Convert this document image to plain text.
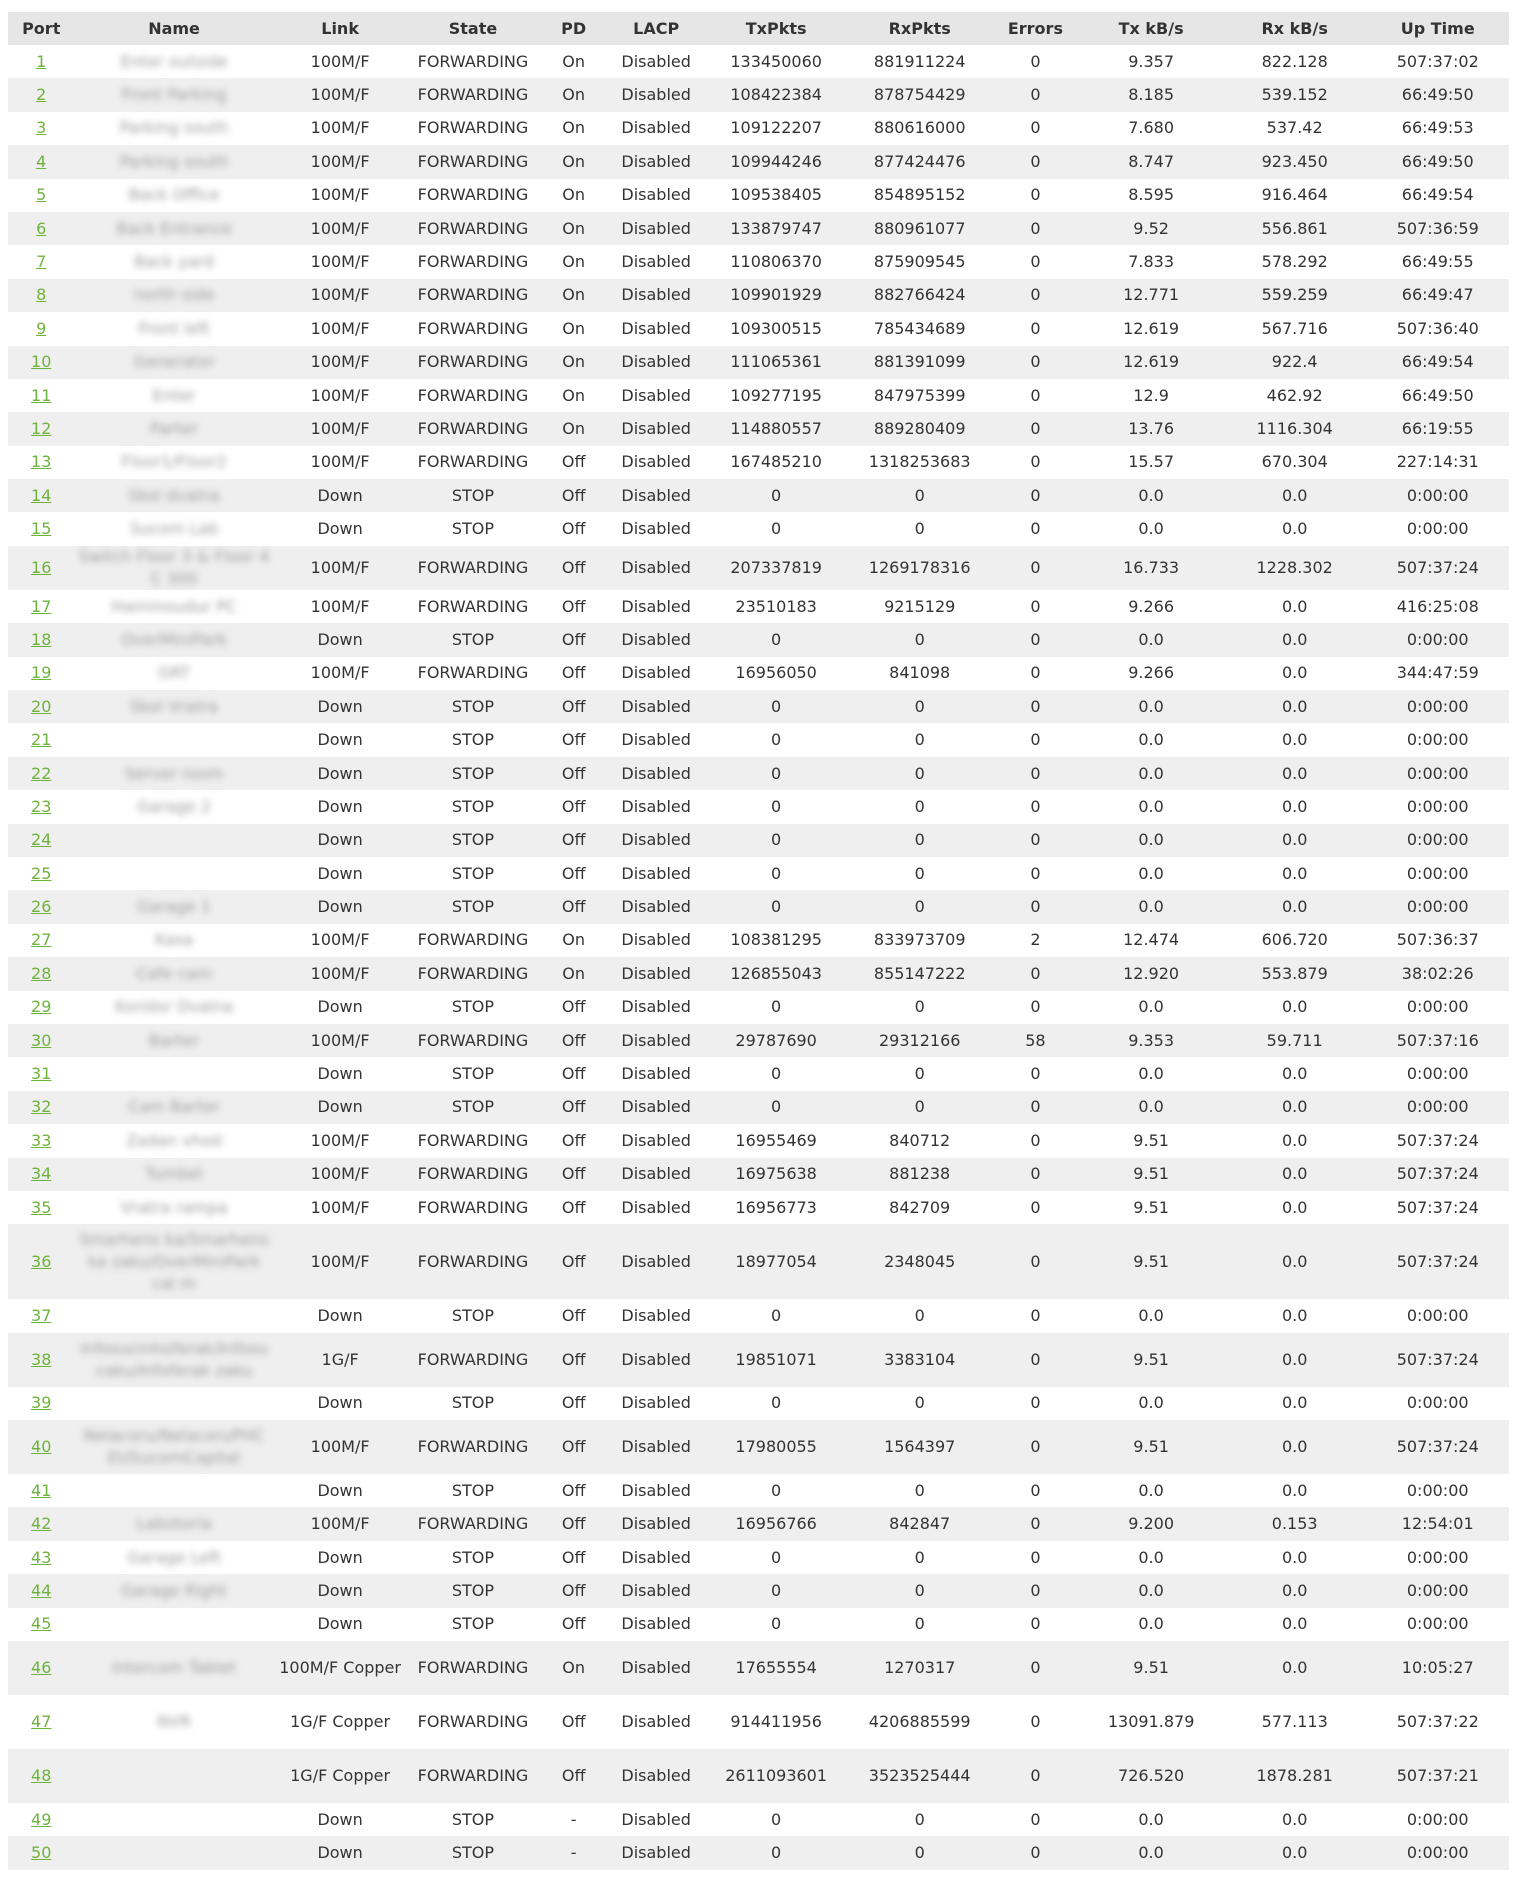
Port	Name	Link	State	PD	LACP	TxPkts	RxPkts	Errors	Tx kB/s	Rx kB/s	Up Time
1	Enter outside	100M/F	FORWARDING	On	Disabled	133450060	881911224	0	9.357	822.128	507:37:02
2	Front Parking	100M/F	FORWARDING	On	Disabled	108422384	878754429	0	8.185	539.152	66:49:50
3	Parking south	100M/F	FORWARDING	On	Disabled	109122207	880616000	0	7.680	537.42	66:49:53
4	Parking south	100M/F	FORWARDING	On	Disabled	109944246	877424476	0	8.747	923.450	66:49:50
5	Back Office	100M/F	FORWARDING	On	Disabled	109538405	854895152	0	8.595	916.464	66:49:54
6	Back Entrance	100M/F	FORWARDING	On	Disabled	133879747	880961077	0	9.52	556.861	507:36:59
7	Back yard	100M/F	FORWARDING	On	Disabled	110806370	875909545	0	7.833	578.292	66:49:55
8	north side	100M/F	FORWARDING	On	Disabled	109901929	882766424	0	12.771	559.259	66:49:47
9	Front left	100M/F	FORWARDING	On	Disabled	109300515	785434689	0	12.619	567.716	507:36:40
10	Generator	100M/F	FORWARDING	On	Disabled	111065361	881391099	0	12.619	922.4	66:49:54
11	Enter	100M/F	FORWARDING	On	Disabled	109277195	847975399	0	12.9	462.92	66:49:50
12	Parter	100M/F	FORWARDING	On	Disabled	114880557	889280409	0	13.76	1116.304	66:19:55
13	Floor1/Floor2	100M/F	FORWARDING	Off	Disabled	167485210	1318253683	0	15.57	670.304	227:14:31
14	Skol dvalna	Down	STOP	Off	Disabled	0	0	0	0.0	0.0	0:00:00
15	Sucom Lab	Down	STOP	Off	Disabled	0	0	0	0.0	0.0	0:00:00
16	Switch Floor 3 & Floor 4 C 300	100M/F	FORWARDING	Off	Disabled	207337819	1269178316	0	16.733	1228.302	507:37:24
17	Hammoudur PC	100M/F	FORWARDING	Off	Disabled	23510183	9215129	0	9.266	0.0	416:25:08
18	OverMiniPark	Down	STOP	Off	Disabled	0	0	0	0.0	0.0	0:00:00
19	GRT	100M/F	FORWARDING	Off	Disabled	16956050	841098	0	9.266	0.0	344:47:59
20	Skol Vratra	Down	STOP	Off	Disabled	0	0	0	0.0	0.0	0:00:00
21		Down	STOP	Off	Disabled	0	0	0	0.0	0.0	0:00:00
22	Server room	Down	STOP	Off	Disabled	0	0	0	0.0	0.0	0:00:00
23	Garage 2	Down	STOP	Off	Disabled	0	0	0	0.0	0.0	0:00:00
24		Down	STOP	Off	Disabled	0	0	0	0.0	0.0	0:00:00
25		Down	STOP	Off	Disabled	0	0	0	0.0	0.0	0:00:00
26	Garage 1	Down	STOP	Off	Disabled	0	0	0	0.0	0.0	0:00:00
27	Kasa	100M/F	FORWARDING	On	Disabled	108381295	833973709	2	12.474	606.720	507:36:37
28	Cafe cam	100M/F	FORWARDING	On	Disabled	126855043	855147222	0	12.920	553.879	38:02:26
29	Koridor Dvalna	Down	STOP	Off	Disabled	0	0	0	0.0	0.0	0:00:00
30	Barter	100M/F	FORWARDING	Off	Disabled	29787690	29312166	58	9.353	59.711	507:37:16
31		Down	STOP	Off	Disabled	0	0	0	0.0	0.0	0:00:00
32	Cam Barter	Down	STOP	Off	Disabled	0	0	0	0.0	0.0	0:00:00
33	Zadan vhod	100M/F	FORWARDING	Off	Disabled	16955469	840712	0	9.51	0.0	507:37:24
34	Tumbel	100M/F	FORWARDING	Off	Disabled	16975638	881238	0	9.51	0.0	507:37:24
35	Vratra rampa	100M/F	FORWARDING	Off	Disabled	16956773	842709	0	9.51	0.0	507:37:24
36	Smarhens ka/Smarhens ka zaku/OverMiniPark cal m	100M/F	FORWARDING	Off	Disabled	18977054	2348045	0	9.51	0.0	507:37:24
37		Down	STOP	Off	Disabled	0	0	0	0.0	0.0	0:00:00
38	Infosucinhoferak/Infosu caku/Infoferak zaku	1G/F	FORWARDING	Off	Disabled	19851071	3383104	0	9.51	0.0	507:37:24
39		Down	STOP	Off	Disabled	0	0	0	0.0	0.0	0:00:00
40	Nelacoru/NelacoruPHC EUSucomCapital	100M/F	FORWARDING	Off	Disabled	17980055	1564397	0	9.51	0.0	507:37:24
41		Down	STOP	Off	Disabled	0	0	0	0.0	0.0	0:00:00
42	Labotoria	100M/F	FORWARDING	Off	Disabled	16956766	842847	0	9.200	0.153	12:54:01
43	Garage Left	Down	STOP	Off	Disabled	0	0	0	0.0	0.0	0:00:00
44	Garage Right	Down	STOP	Off	Disabled	0	0	0	0.0	0.0	0:00:00
45		Down	STOP	Off	Disabled	0	0	0	0.0	0.0	0:00:00
46	Intercom Tablet	100M/F Copper	FORWARDING	On	Disabled	17655554	1270317	0	9.51	0.0	10:05:27
47	NVR	1G/F Copper	FORWARDING	Off	Disabled	914411956	4206885599	0	13091.879	577.113	507:37:22
48		1G/F Copper	FORWARDING	Off	Disabled	2611093601	3523525444	0	726.520	1878.281	507:37:21
49		Down	STOP	-	Disabled	0	0	0	0.0	0.0	0:00:00
50		Down	STOP	-	Disabled	0	0	0	0.0	0.0	0:00:00
